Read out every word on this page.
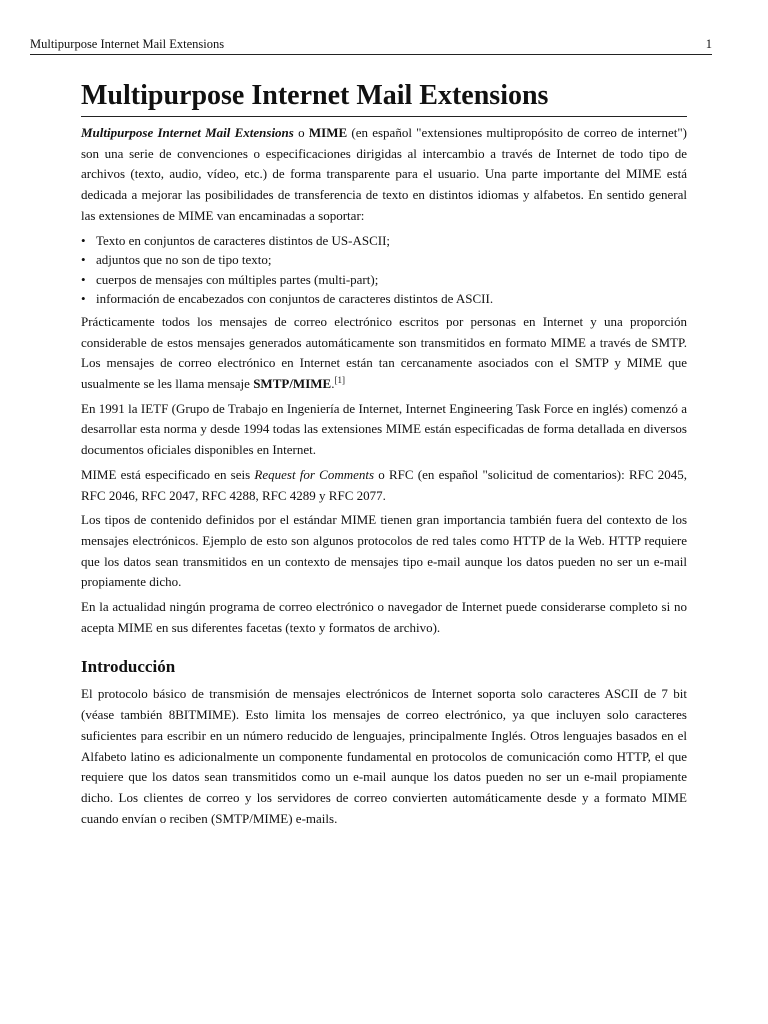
Multipurpose Internet Mail Extensions	1
Multipurpose Internet Mail Extensions

Multipurpose Internet Mail Extensions o MIME (en español "extensiones multipropósito de correo de internet") son una serie de convenciones o especificaciones dirigidas al intercambio a través de Internet de todo tipo de archivos (texto, audio, vídeo, etc.) de forma transparente para el usuario. Una parte importante del MIME está dedicada a mejorar las posibilidades de transferencia de texto en distintos idiomas y alfabetos. En sentido general las extensiones de MIME van encaminadas a soportar:

• Texto en conjuntos de caracteres distintos de US-ASCII;
• adjuntos que no son de tipo texto;
• cuerpos de mensajes con múltiples partes (multi-part);
• información de encabezados con conjuntos de caracteres distintos de ASCII.

Prácticamente todos los mensajes de correo electrónico escritos por personas en Internet y una proporción considerable de estos mensajes generados automáticamente son transmitidos en formato MIME a través de SMTP. Los mensajes de correo electrónico en Internet están tan cercanamente asociados con el SMTP y MIME que usualmente se les llama mensaje SMTP/MIME.[1]

En 1991 la IETF (Grupo de Trabajo en Ingeniería de Internet, Internet Engineering Task Force en inglés) comenzó a desarrollar esta norma y desde 1994 todas las extensiones MIME están especificadas de forma detallada en diversos documentos oficiales disponibles en Internet.

MIME está especificado en seis Request for Comments o RFC (en español "solicitud de comentarios): RFC 2045, RFC 2046, RFC 2047, RFC 4288, RFC 4289 y RFC 2077.

Los tipos de contenido definidos por el estándar MIME tienen gran importancia también fuera del contexto de los mensajes electrónicos. Ejemplo de esto son algunos protocolos de red tales como HTTP de la Web. HTTP requiere que los datos sean transmitidos en un contexto de mensajes tipo e-mail aunque los datos pueden no ser un e-mail propiamente dicho.

En la actualidad ningún programa de correo electrónico o navegador de Internet puede considerarse completo si no acepta MIME en sus diferentes facetas (texto y formatos de archivo).

Introducción

El protocolo básico de transmisión de mensajes electrónicos de Internet soporta solo caracteres ASCII de 7 bit (véase también 8BITMIME). Esto limita los mensajes de correo electrónico, ya que incluyen solo caracteres suficientes para escribir en un número reducido de lenguajes, principalmente Inglés. Otros lenguajes basados en el Alfabeto latino es adicionalmente un componente fundamental en protocolos de comunicación como HTTP, el que requiere que los datos sean transmitidos como un e-mail aunque los datos pueden no ser un e-mail propiamente dicho. Los clientes de correo y los servidores de correo convierten automáticamente desde y a formato MIME cuando envían o reciben (SMTP/MIME) e-mails.
